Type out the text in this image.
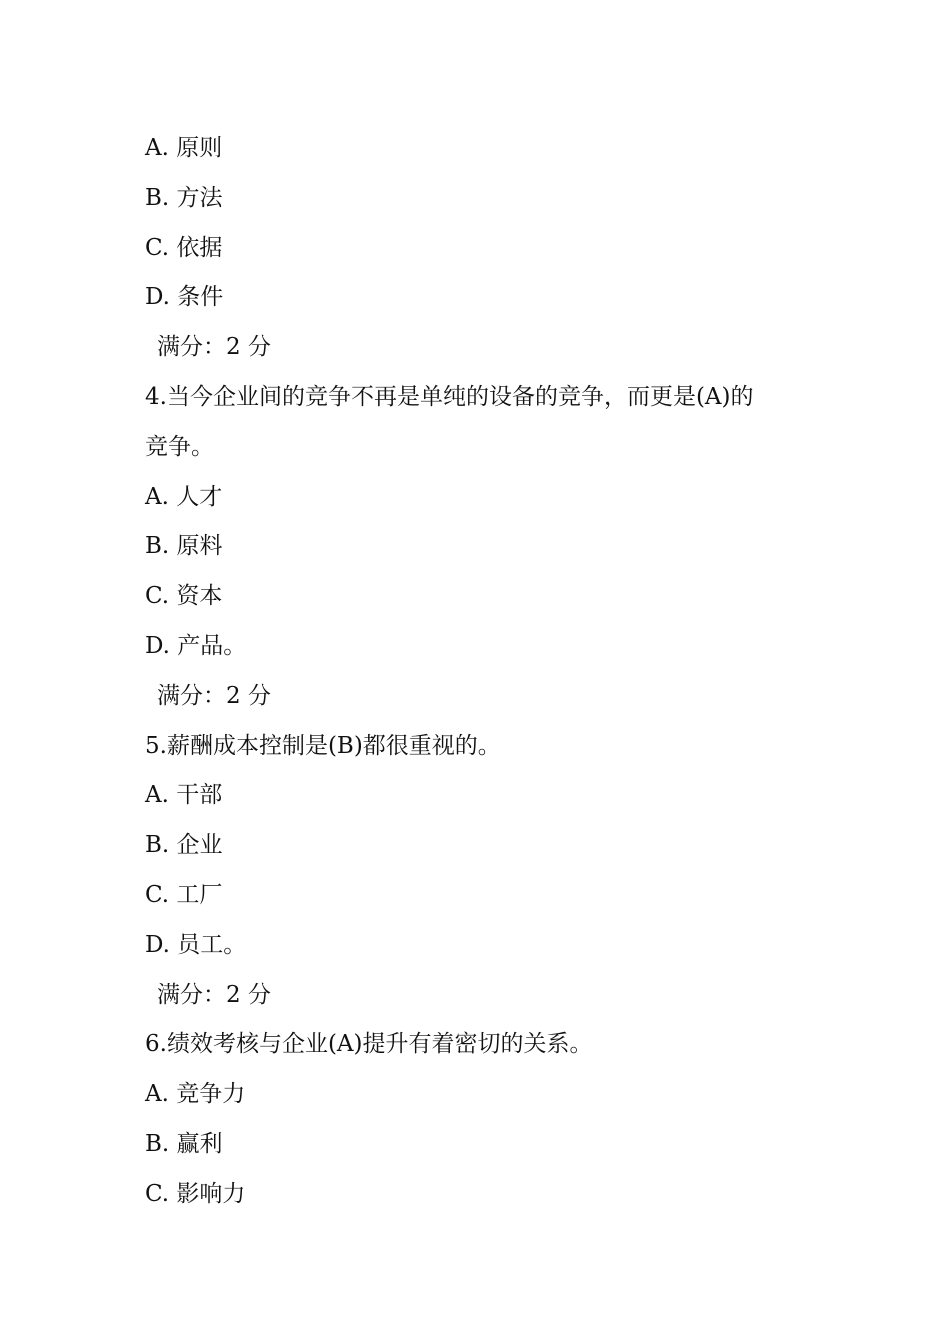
A. 原则
B. 方法
C. 依据
D. 条件
满分：2 分
4.当今企业间的竞争不再是单纯的设备的竞争，而更是(A)的
竞争。
A. 人才
B. 原料
C. 资本
D. 产品。
满分：2 分
5.薪酬成本控制是(B)都很重视的。
A. 干部
B. 企业
C. 工厂
D. 员工。
满分：2 分
6.绩效考核与企业(A)提升有着密切的关系。
A. 竞争力
B. 赢利
C. 影响力
